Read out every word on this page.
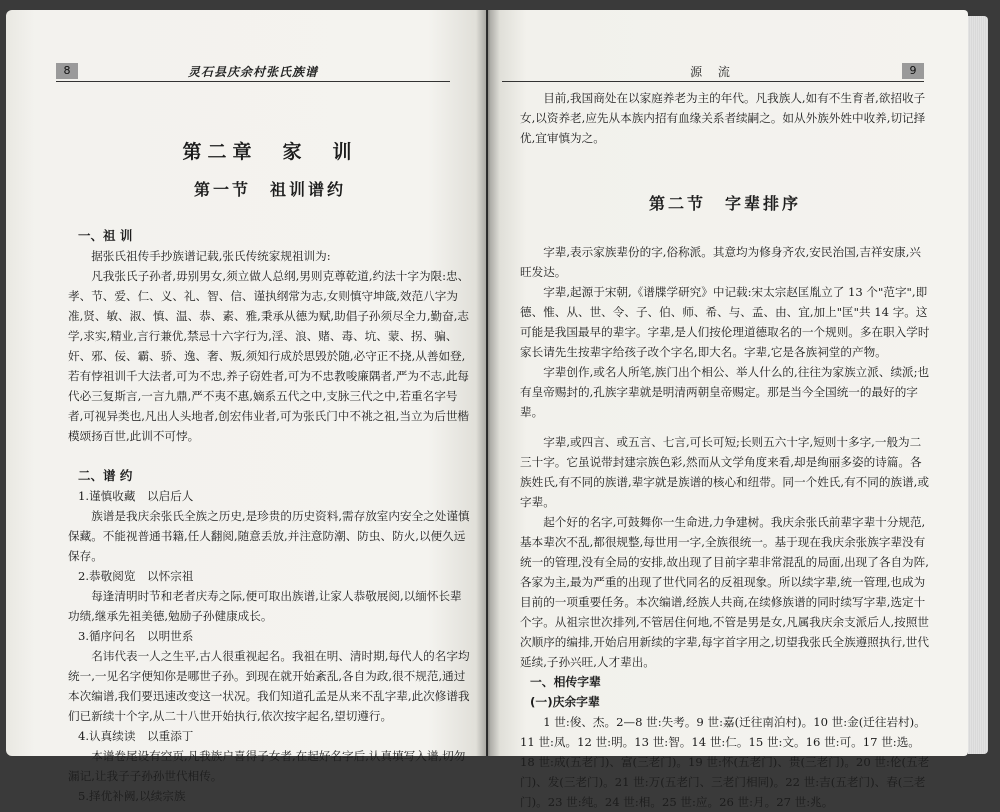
8	灵石县庆余村张氏族谱
第二章　家　训
第一节　祖训谱约
一、祖 训

据张氏祖传手抄族谱记载,张氏传统家规祖训为:

凡我张氏子孙者,毋别男女,须立做人总纲,男则克尊乾道,约法十字为限:忠、孝、节、爱、仁、义、礼、智、信、谨执纲常为志,女则慎守坤箴,效范八字为准,贤、敏、淑、慎、温、恭、素、雅,秉承从德为赋,助倡子孙须尽全力,勤奋,志学,求实,精业,言行兼优,禁忌十六字行为,淫、浪、赌、毒、坑、蒙、拐、骗、奸、邪、佞、霸、骄、逸、奢、叛,须知行成於思毁於随,必守正不挠,从善如登,若有悖祖训千大法者,可为不忠,养子窃姓者,可为不忠教唆廉隅者,严为不志,此每代必三复斯言,一言九鼎,严不夷不惠,嫡系五代之中,支脉三代之中,若重名字号者,可视异类也,凡出人头地者,创宏伟业者,可为张氏门中不祧之祖,当立为后世楷模颂扬百世,此训不可悖。

二、谱 约
1.谨慎收藏　以启后人

族谱是我庆余张氏全族之历史,是珍贵的历史资料,需存放室内安全之处谨慎保藏。不能视普通书籍,任人翻阅,随意丢放,并注意防潮、防虫、防火,以便久远保存。

2.恭敬阅览　以怀宗祖

每逢清明时节和老者庆寿之际,便可取出族谱,让家人恭敬展阅,以缅怀长辈功绩,继承先祖美德,勉励子孙健康成长。

3.循序问名　以明世系

名讳代表一人之生平,古人很重视起名。我祖在明、清时期,每代人的名字均统一,一见名字便知你是哪世子孙。到现在就开始紊乱,各自为政,很不规范,通过本次编谱,我们要迅速改变这一状况。我们知道孔孟是从来不乱字辈,此次修谱我们已新续十个字,从二十八世开始执行,依次按字起名,望切遵行。

4.认真续读　以重添丁

本谱卷尾设有空页,凡我族户喜得子女者,在起好名字后,认真填写入谱,切勿漏记,让我子子孙孙世代相传。

5.择优补阙,以续宗族
源 流	9

目前,我国商处在以家庭养老为主的年代。凡我族人,如有不生育者,欲招收子女,以资养老,应先从本族内招有血缘关系者续嗣之。如从外族外姓中收养,切记择优,宜审慎为之。

第二节　字辈排序

字辈,表示家族辈份的字,俗称派。其意均为修身齐农,安民治国,吉祥安康,兴旺发达。

字辈,起源于宋朝,《谱牒学研究》中记载:宋太宗赵匡胤立了 13 个"范字",即德、惟、从、世、令、子、伯、师、希、与、孟、由、宜,加上"匡"共 14 字。这可能是我国最早的辈字。字辈,是人们按伦理道德取名的一个规则。多在职入学时家长请先生按辈字给孩子改个字名,即大名。字辈,它是各族祠堂的产物。

字辈创作,或名人所笔,族门出个相公、举人什么的,往往为家族立派、续派;也有皇帝赐封的,孔族字辈就是明清两朝皇帝赐定。那是当今全国统一的最好的字辈。

字辈,或四言、或五言、七言,可长可短;长则五六十字,短则十多字,一般为二三十字。它虽说带封建宗族色彩,然而从文学角度来看,却是绚丽多姿的诗篇。各族姓氏,有不同的族谱,辈字就是族谱的核心和纽带。同一个姓氏,有不同的族谱,或字辈。

起个好的名字,可鼓舞你一生命进,力争建树。我庆余张氏前辈字辈十分规范,基本辈次不乱,都很规整,每世用一字,全族很统一。基于现在我庆余张族字辈没有统一的管理,没有全局的安排,故出现了目前字辈非常混乱的局面,出现了各自为阵,各家为主,最为严重的出现了世代同名的反祖现象。所以续字辈,统一管理,也成为目前的一项重要任务。本次编谱,经族人共商,在续修族谱的同时续写字辈,选定十个字。从祖宗世次排列,不管居住何地,不管是男是女,凡属我庆余支派后人,按照世次顺序的编排,开始启用新续的字辈,每字首字用之,切望我张氏全族遵照执行,世代延续,子孙兴旺,人才辈出。

一、相传字辈
(一)庆余字辈

1 世:俊、杰。2—8 世:失考。9 世:嘉(迁往南泊村)。10 世:金(迁往岩村)。11 世:凤。12 世:明。13 世:智。14 世:仁。15 世:文。16 世:可。17 世:选。18 世:成(五老门)、富(三老门)。19 世:怀(五老门)、贵(三老门)。20 世:伦(五老门)、发(三老门)。21 世:万(五老门、三老门相同)。22 世:吉(五老门)、春(三老门)。23 世:纯。24 世:相。25 世:应。26 世:月。27 世:兆。
